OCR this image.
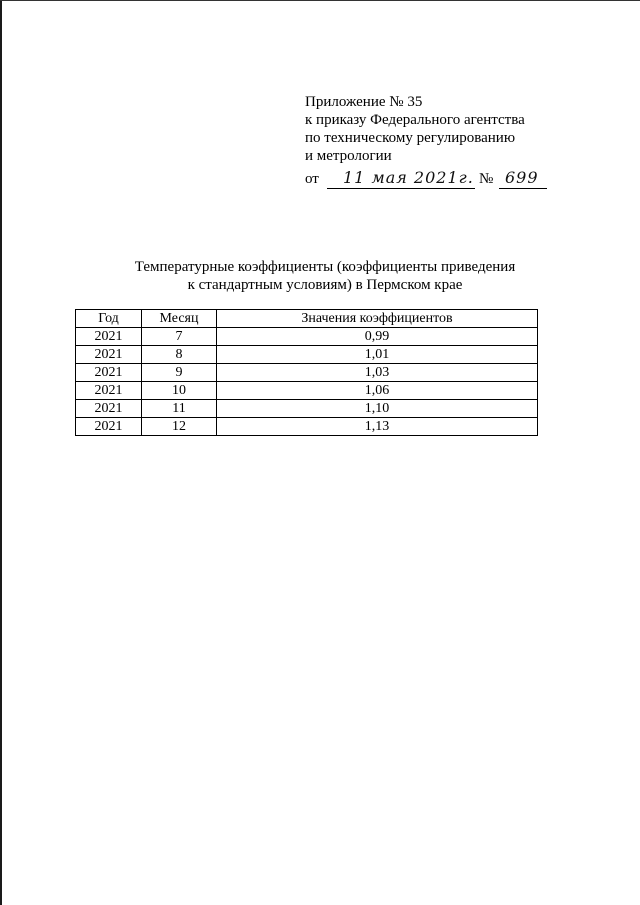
Приложение № 35
к приказу Федерального агентства
по техническому регулированию
и метрологии
от 11 мая 2021г. № 699
Температурные коэффициенты (коэффициенты приведения
к стандартным условиям) в Пермском крае
Год	Месяц	Значения коэффициентов
2021	7	0,99
2021	8	1,01
2021	9	1,03
2021	10	1,06
2021	11	1,10
2021	12	1,13
